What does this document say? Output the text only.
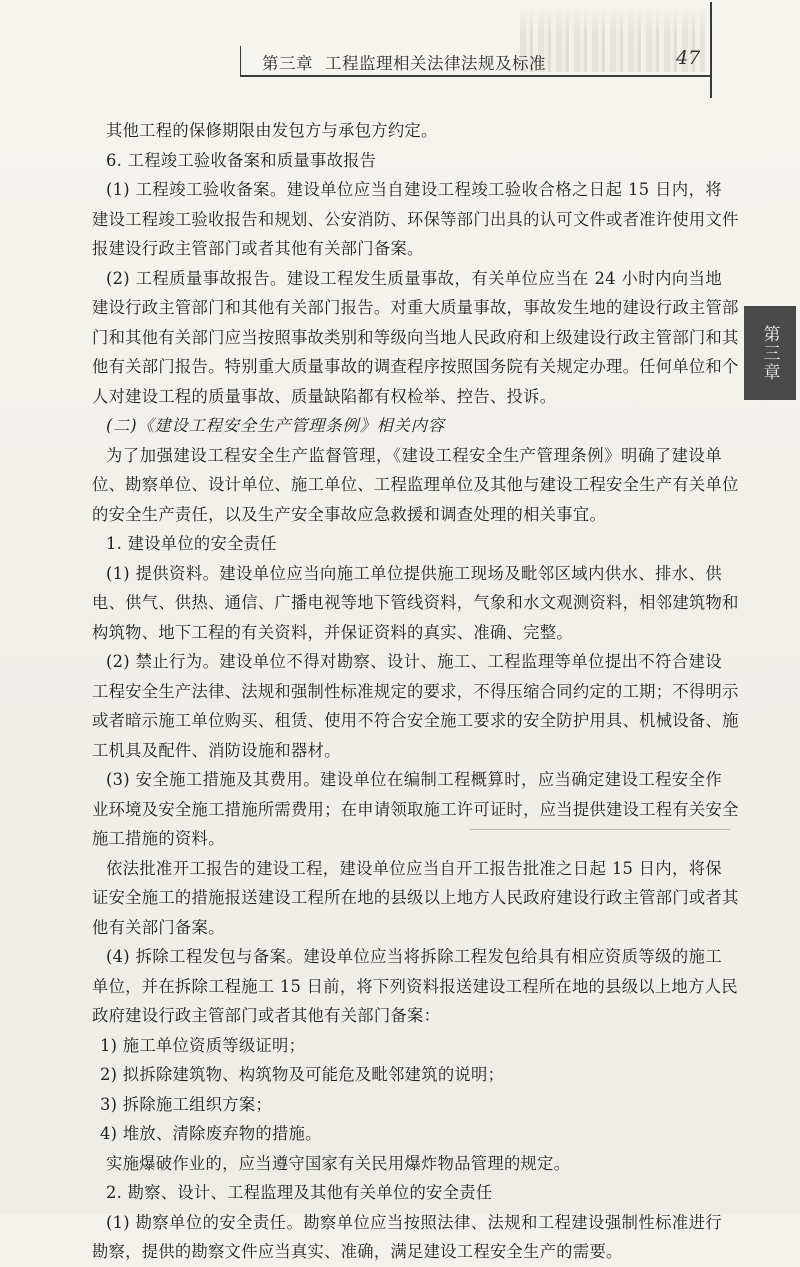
第三章 工程监理相关法律法规及标准	47
第三章
其他工程的保修期限由发包方与承包方约定。
6. 工程竣工验收备案和质量事故报告
(1) 工程竣工验收备案。建设单位应当自建设工程竣工验收合格之日起 15 日内，将
建设工程竣工验收报告和规划、公安消防、环保等部门出具的认可文件或者准许使用文件
报建设行政主管部门或者其他有关部门备案。
(2) 工程质量事故报告。建设工程发生质量事故，有关单位应当在 24 小时内向当地
建设行政主管部门和其他有关部门报告。对重大质量事故，事故发生地的建设行政主管部
门和其他有关部门应当按照事故类别和等级向当地人民政府和上级建设行政主管部门和其
他有关部门报告。特别重大质量事故的调查程序按照国务院有关规定办理。任何单位和个
人对建设工程的质量事故、质量缺陷都有权检举、控告、投诉。
(二)《建设工程安全生产管理条例》相关内容
为了加强建设工程安全生产监督管理，《建设工程安全生产管理条例》明确了建设单
位、勘察单位、设计单位、施工单位、工程监理单位及其他与建设工程安全生产有关单位
的安全生产责任，以及生产安全事故应急救援和调查处理的相关事宜。
1. 建设单位的安全责任
(1) 提供资料。建设单位应当向施工单位提供施工现场及毗邻区域内供水、排水、供
电、供气、供热、通信、广播电视等地下管线资料，气象和水文观测资料，相邻建筑物和
构筑物、地下工程的有关资料，并保证资料的真实、准确、完整。
(2) 禁止行为。建设单位不得对勘察、设计、施工、工程监理等单位提出不符合建设
工程安全生产法律、法规和强制性标准规定的要求，不得压缩合同约定的工期；不得明示
或者暗示施工单位购买、租赁、使用不符合安全施工要求的安全防护用具、机械设备、施
工机具及配件、消防设施和器材。
(3) 安全施工措施及其费用。建设单位在编制工程概算时，应当确定建设工程安全作
业环境及安全施工措施所需费用；在申请领取施工许可证时，应当提供建设工程有关安全
施工措施的资料。
依法批准开工报告的建设工程，建设单位应当自开工报告批准之日起 15 日内，将保
证安全施工的措施报送建设工程所在地的县级以上地方人民政府建设行政主管部门或者其
他有关部门备案。
(4) 拆除工程发包与备案。建设单位应当将拆除工程发包给具有相应资质等级的施工
单位，并在拆除工程施工 15 日前，将下列资料报送建设工程所在地的县级以上地方人民
政府建设行政主管部门或者其他有关部门备案：
1) 施工单位资质等级证明；
2) 拟拆除建筑物、构筑物及可能危及毗邻建筑的说明；
3) 拆除施工组织方案；
4) 堆放、清除废弃物的措施。
实施爆破作业的，应当遵守国家有关民用爆炸物品管理的规定。
2. 勘察、设计、工程监理及其他有关单位的安全责任
(1) 勘察单位的安全责任。勘察单位应当按照法律、法规和工程建设强制性标准进行
勘察，提供的勘察文件应当真实、准确，满足建设工程安全生产的需要。
